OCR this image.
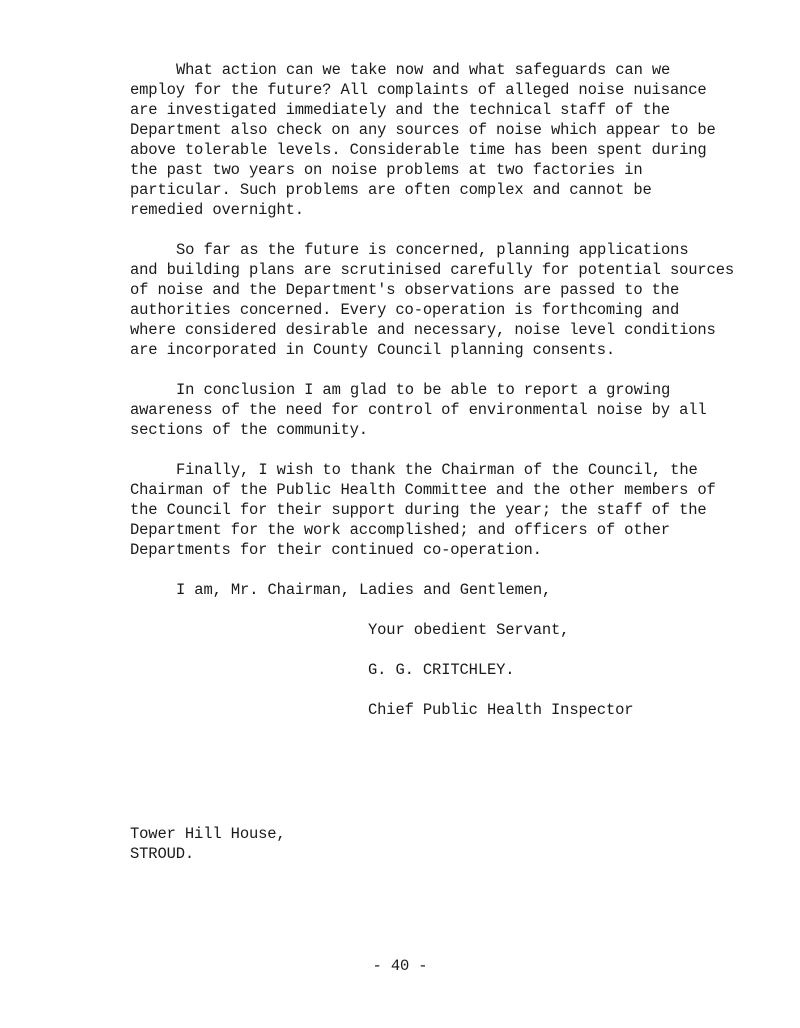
What action can we take now and what safeguards can we
employ for the future? All complaints of alleged noise nuisance
are investigated immediately and the technical staff of the
Department also check on any sources of noise which appear to be
above tolerable levels. Considerable time has been spent during
the past two years on noise problems at two factories in
particular. Such problems are often complex and cannot be
remedied overnight.
So far as the future is concerned, planning applications
and building plans are scrutinised carefully for potential sources
of noise and the Department's observations are passed to the
authorities concerned. Every co-operation is forthcoming and
where considered desirable and necessary, noise level conditions
are incorporated in County Council planning consents.
In conclusion I am glad to be able to report a growing
awareness of the need for control of environmental noise by all
sections of the community.
Finally, I wish to thank the Chairman of the Council, the
Chairman of the Public Health Committee and the other members of
the Council for their support during the year; the staff of the
Department for the work accomplished; and officers of other
Departments for their continued co-operation.
I am, Mr. Chairman, Ladies and Gentlemen,
Your obedient Servant,
G. G. CRITCHLEY.
Chief Public Health Inspector
Tower Hill House,
STROUD.
- 40 -
